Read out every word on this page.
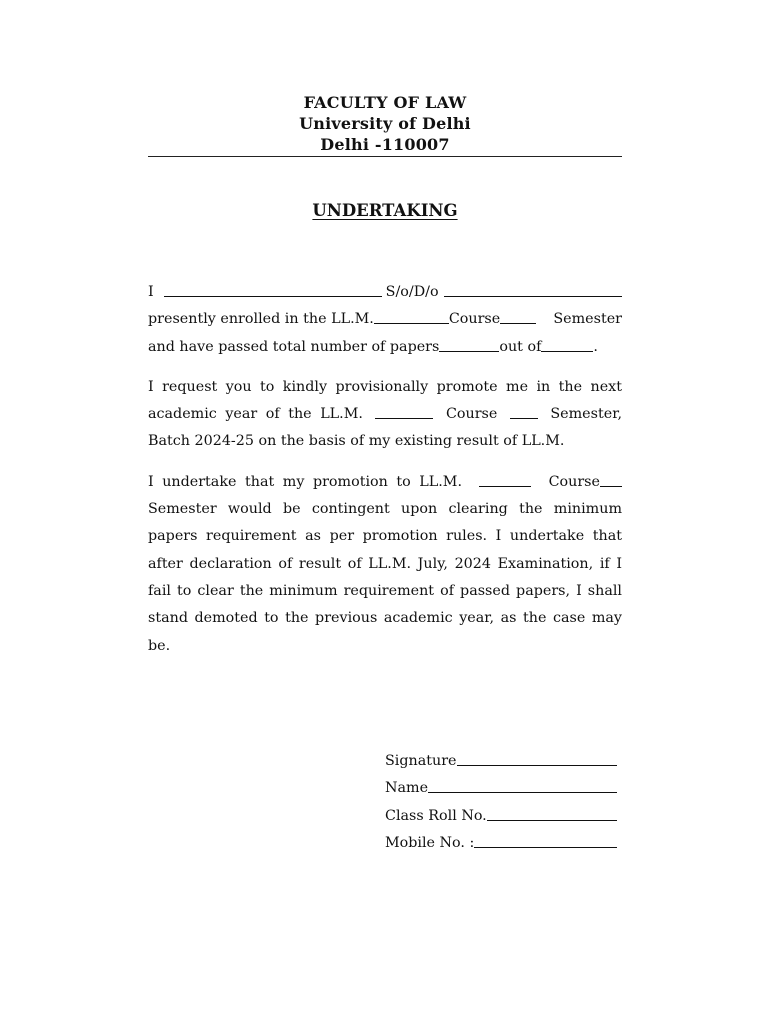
FACULTY OF LAW
University of Delhi
Delhi -110007
UNDERTAKING
I	S/o/D/o
presently enrolled in the LL.M.	Course	Semester
and have passed total number of papers	out of	.
I request you to kindly provisionally promote me in the next
academic year of the LL.M.	Course	Semester,
Batch 2024-25 on the basis of my existing result of LL.M.
I undertake that my promotion to LL.M.	Course
Semester would be contingent upon clearing the minimum papers requirement as per promotion rules. I undertake that after declaration of result of LL.M. July, 2024 Examination, if I fail to clear the minimum requirement of passed papers, I shall stand demoted to the previous academic year, as the case may be.
Signature
Name
Class Roll No.
Mobile No. :
